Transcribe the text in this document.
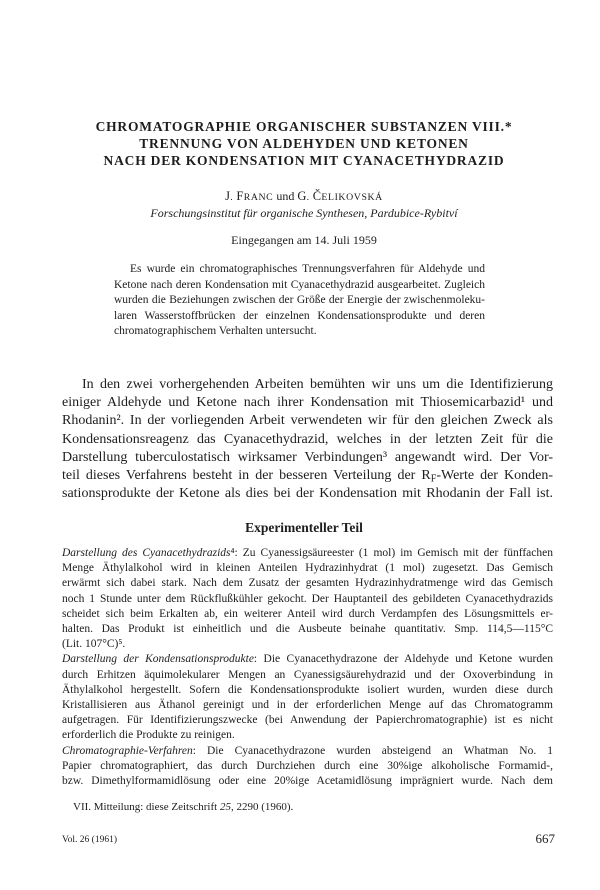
CHROMATOGRAPHIE ORGANISCHER SUBSTANZEN VIII.*
TRENNUNG VON ALDEHYDEN UND KETONEN
NACH DER KONDENSATION MIT CYANACETHYDRAZID
J. FRANC und G. ČELIKOVSKÁ
Forschungsinstitut für organische Synthesen, Pardubice-Rybitví
Eingegangen am 14. Juli 1959
Es wurde ein chromatographisches Trennungsverfahren für Aldehyde und
Ketone nach deren Kondensation mit Cyanacethydrazid ausgearbeitet. Zugleich
wurden die Beziehungen zwischen der Größe der Energie der zwischenmoleku-
laren Wasserstoffbrücken der einzelnen Kondensationsprodukte und deren
chromatographischem Verhalten untersucht.
In den zwei vorhergehenden Arbeiten bemühten wir uns um die Identifizierung
einiger Aldehyde und Ketone nach ihrer Kondensation mit Thiosemicarbazid¹ und
Rhodanin². In der vorliegenden Arbeit verwendeten wir für den gleichen Zweck als
Kondensationsreagenz das Cyanacethydrazid, welches in der letzten Zeit für die
Darstellung tuberculostatisch wirksamer Verbindungen³ angewandt wird. Der Vor-
teil dieses Verfahrens besteht in der besseren Verteilung der $R_F$-Werte der Konden-
sationsprodukte der Ketone als dies bei der Kondensation mit Rhodanin der Fall ist.
Experimenteller Teil
Darstellung des Cyanacethydrazids⁴: Zu Cyanessigsäureester (1 mol) im Gemisch mit der fünffachen
Menge Äthylalkohol wird in kleinen Anteilen Hydrazinhydrat (1 mol) zugesetzt. Das Gemisch
erwärmt sich dabei stark. Nach dem Zusatz der gesamten Hydrazinhydratmenge wird das Gemisch
noch 1 Stunde unter dem Rückflußkühler gekocht. Der Hauptanteil des gebildeten Cyanacethydrazids
scheidet sich beim Erkalten ab, ein weiterer Anteil wird durch Verdampfen des Lösungsmittels er-
halten. Das Produkt ist einheitlich und die Ausbeute beinahe quantitativ. Smp. 114,5—115°C
(Lit. 107°C)⁵.
Darstellung der Kondensationsprodukte: Die Cyanacethydrazone der Aldehyde und Ketone wurden
durch Erhitzen äquimolekularer Mengen an Cyanessigsäurehydrazid und der Oxoverbindung in
Äthylalkohol hergestellt. Sofern die Kondensationsprodukte isoliert wurden, wurden diese durch
Kristallisieren aus Äthanol gereinigt und in der erforderlichen Menge auf das Chromatogramm
aufgetragen. Für Identifizierungszwecke (bei Anwendung der Papierchromatographie) ist es nicht
erforderlich die Produkte zu reinigen.
Chromatographie-Verfahren: Die Cyanacethydrazone wurden absteigend an Whatman No. 1
Papier chromatographiert, das durch Durchziehen durch eine 30%ige alkoholische Formamid-,
bzw. Dimethylformamidlösung oder eine 20%ige Acetamidlösung imprägniert wurde. Nach dem
VII. Mitteilung: diese Zeitschrift 25, 2290 (1960).
Vol. 26 (1961)	667
